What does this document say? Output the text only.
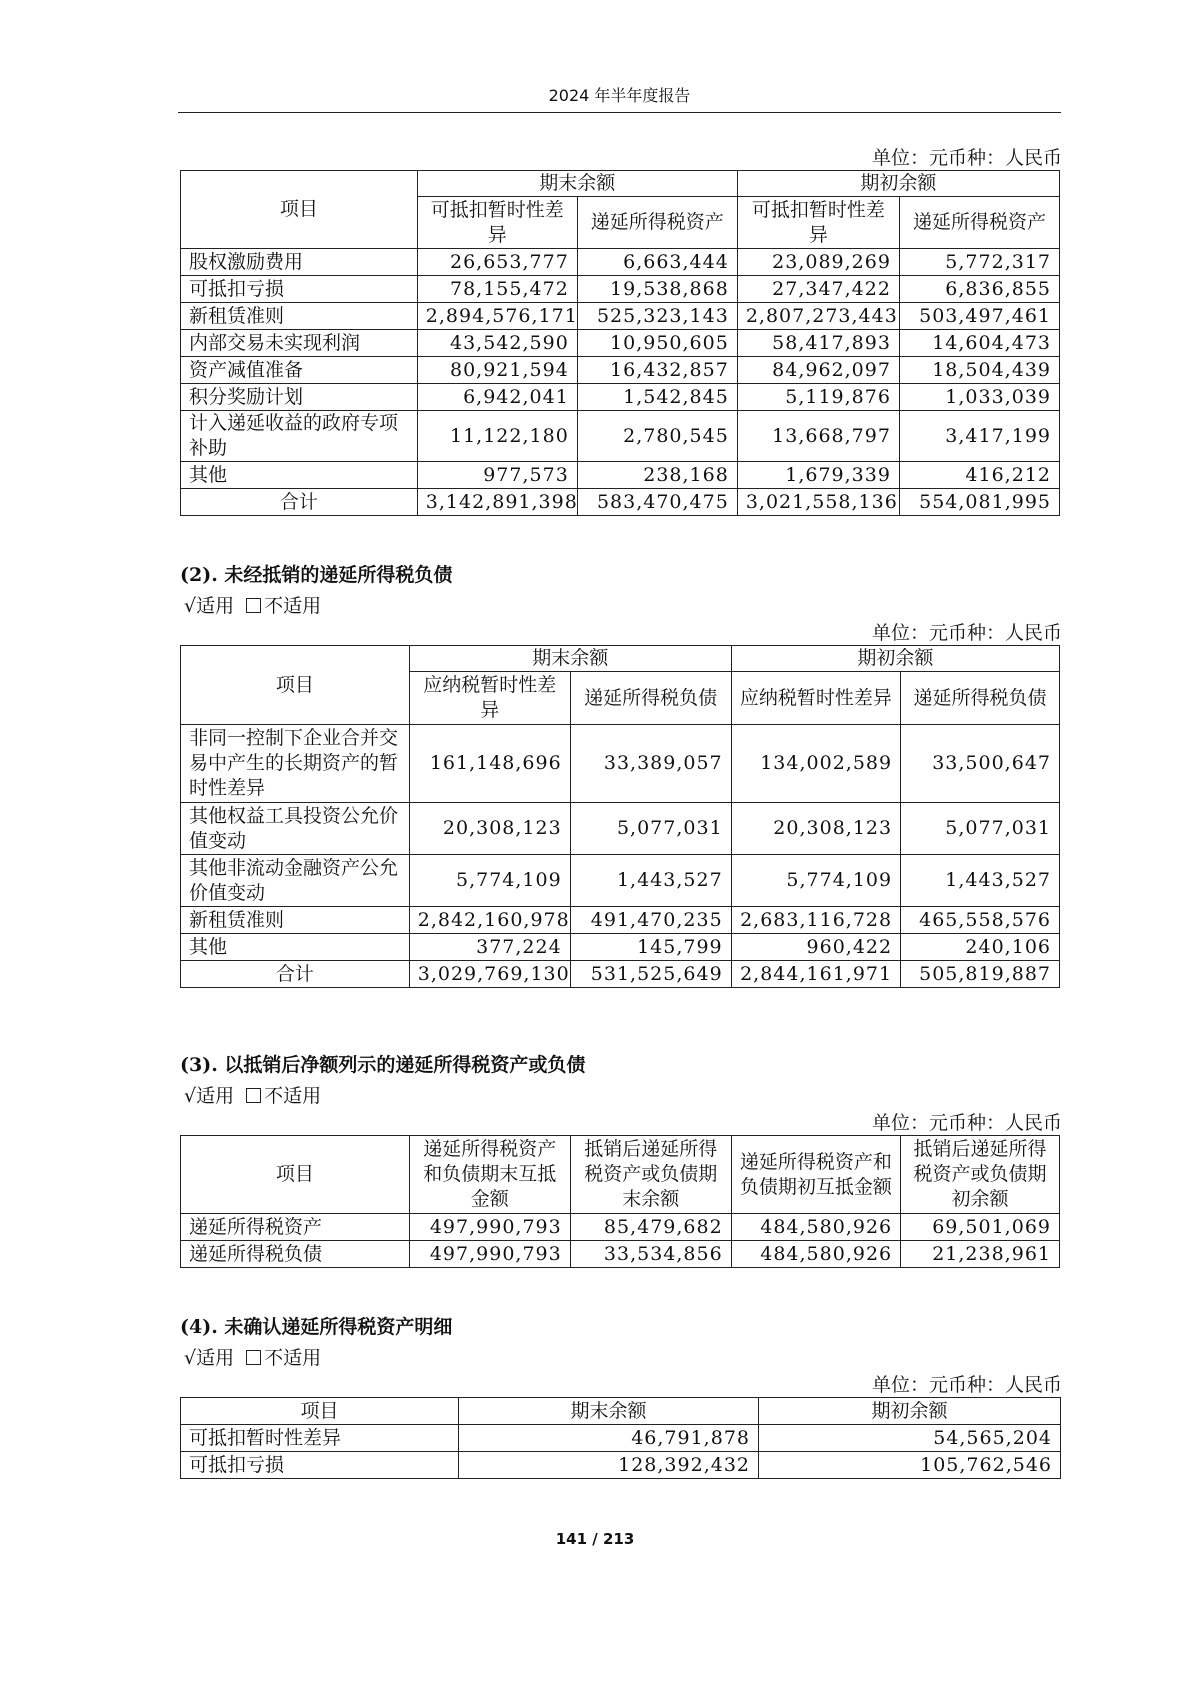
2024 年半年度报告
单位：元币种：人民币
项目	期末余额		期初余额	
	可抵扣暂时性差异	递延所得税资产	可抵扣暂时性差异	递延所得税资产
股权激励费用	26,653,777	6,663,444	23,089,269	5,772,317
可抵扣亏损	78,155,472	19,538,868	27,347,422	6,836,855
新租赁准则	2,894,576,171	525,323,143	2,807,273,443	503,497,461
内部交易未实现利润	43,542,590	10,950,605	58,417,893	14,604,473
资产减值准备	80,921,594	16,432,857	84,962,097	18,504,439
积分奖励计划	6,942,041	1,542,845	5,119,876	1,033,039
计入递延收益的政府专项补助	11,122,180	2,780,545	13,668,797	3,417,199
其他	977,573	238,168	1,679,339	416,212
合计	3,142,891,398	583,470,475	3,021,558,136	554,081,995
(2). 未经抵销的递延所得税负债
√适用 不适用
单位：元币种：人民币
项目	期末余额		期初余额	
	应纳税暂时性差异	递延所得税负债	应纳税暂时性差异	递延所得税负债
非同一控制下企业合并交易中产生的长期资产的暂时性差异	161,148,696	33,389,057	134,002,589	33,500,647
其他权益工具投资公允价值变动	20,308,123	5,077,031	20,308,123	5,077,031
其他非流动金融资产公允价值变动	5,774,109	1,443,527	5,774,109	1,443,527
新租赁准则	2,842,160,978	491,470,235	2,683,116,728	465,558,576
其他	377,224	145,799	960,422	240,106
合计	3,029,769,130	531,525,649	2,844,161,971	505,819,887
(3). 以抵销后净额列示的递延所得税资产或负债
√适用 不适用
单位：元币种：人民币
项目	递延所得税资产和负债期末互抵金额	抵销后递延所得税资产或负债期末余额	递延所得税资产和负债期初互抵金额	抵销后递延所得税资产或负债期初余额
递延所得税资产	497,990,793	85,479,682	484,580,926	69,501,069
递延所得税负债	497,990,793	33,534,856	484,580,926	21,238,961
(4). 未确认递延所得税资产明细
√适用 不适用
单位：元币种：人民币
项目	期末余额	期初余额
可抵扣暂时性差异	46,791,878	54,565,204
可抵扣亏损	128,392,432	105,762,546
141 / 213
